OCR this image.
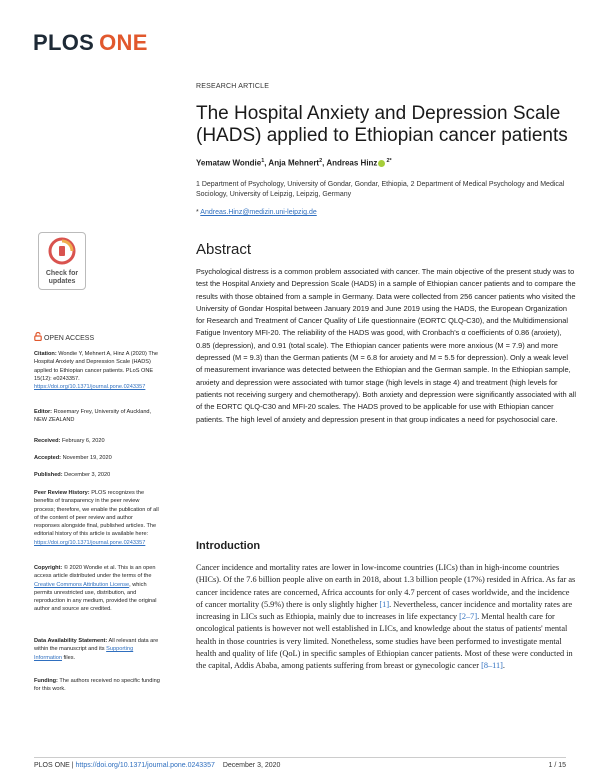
PLOS ONE
RESEARCH ARTICLE
The Hospital Anxiety and Depression Scale (HADS) applied to Ethiopian cancer patients
Yemataw Wondie$^1$, Anja Mehnert$^2$, Andreas Hinz $^{2*}$
1 Department of Psychology, University of Gondar, Gondar, Ethiopia, 2 Department of Medical Psychology and Medical Sociology, University of Leipzig, Leipzig, Germany
* Andreas.Hinz@medizin.uni-leipzig.de
Check for
updates
OPEN ACCESS
Citation: Wondie Y, Mehnert A, Hinz A (2020) The Hospital Anxiety and Depression Scale (HADS) applied to Ethiopian cancer patients. PLoS ONE 15(12): e0243357. https://doi.org/10.1371/journal.pone.0243357
Editor: Rosemary Frey, University of Auckland, NEW ZEALAND
Received: February 6, 2020
Accepted: November 19, 2020
Published: December 3, 2020
Peer Review History: PLOS recognizes the benefits of transparency in the peer review process; therefore, we enable the publication of all of the content of peer review and author responses alongside final, published articles. The editorial history of this article is available here: https://doi.org/10.1371/journal.pone.0243357
Copyright: © 2020 Wondie et al. This is an open access article distributed under the terms of the Creative Commons Attribution License, which permits unrestricted use, distribution, and reproduction in any medium, provided the original author and source are credited.
Data Availability Statement: All relevant data are within the manuscript and its Supporting Information files.
Funding: The authors received no specific funding for this work.
Abstract

Psychological distress is a common problem associated with cancer. The main objective of the present study was to test the Hospital Anxiety and Depression Scale (HADS) in a sample of Ethiopian cancer patients and to compare the results with those obtained from a sample in Germany. Data were collected from 256 cancer patients who visited the University of Gondar Hospital between January 2019 and June 2019 using the HADS, the European Organization for Research and Treatment of Cancer Quality of Life questionnaire (EORTC QLQ-C30), and the Multidimensional Fatigue Inventory MFI-20. The reliability of the HADS was good, with Cronbach's α coefficients of 0.86 (anxiety), 0.85 (depression), and 0.91 (total scale). The Ethiopian cancer patients were more anxious (M = 7.9) and more depressed (M = 9.3) than the German patients (M = 6.8 for anxiety and M = 5.5 for depression). Only a weak level of measurement invariance was detected between the Ethiopian and the German sample. In the Ethiopian sample, anxiety and depression were associated with tumor stage (high levels in stage 4) and treatment (high levels for patients not receiving surgery and chemotherapy). Both anxiety and depression were significantly associated with all of the EORTC QLQ-C30 and MFI-20 scales. The HADS proved to be applicable for use with Ethiopian cancer patients. The high level of anxiety and depression present in that group indicates a need for psychosocial care.

Introduction

Cancer incidence and mortality rates are lower in low-income countries (LICs) than in high-income countries (HICs). Of the 7.6 billion people alive on earth in 2018, about 1.3 billion people (17%) resided in Africa. As far as cancer incidence rates are concerned, Africa accounts for only 4.7 percent of cases worldwide, and the incidence of cancer mortality (5.9%) there is only slightly higher [1]. Nevertheless, cancer incidence and mortality rates are increasing in LICs such as Ethiopia, mainly due to increases in life expectancy [2–7]. Mental health care for oncological patients is however not well established in LICs, and knowledge about the status of patients' mental health in those countries is very limited. Nonetheless, some studies have been performed to investigate mental health and quality of life (QoL) in specific samples of Ethiopian cancer patients. Most of these were conducted in the capital, Addis Ababa, among patients suffering from breast or gynecologic cancer [8–11].

PLOS ONE | https://doi.org/10.1371/journal.pone.0243357 December 3, 2020	1 / 15
